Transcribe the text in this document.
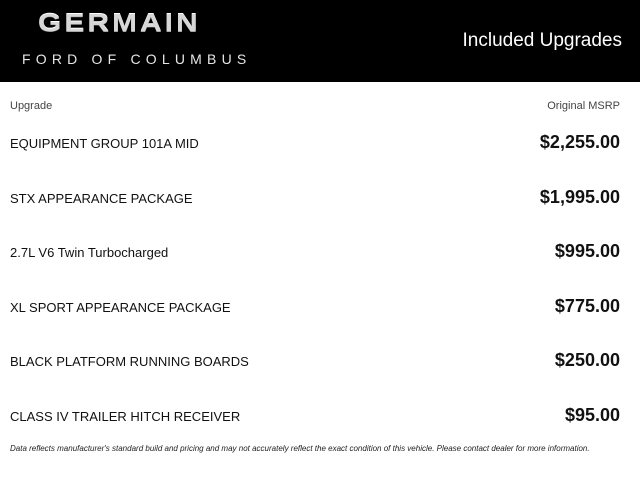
GERMAIN
FORD OF COLUMBUS
Included Upgrades
Upgrade	Original MSRP
EQUIPMENT GROUP 101A MID	$2,255.00
STX APPEARANCE PACKAGE	$1,995.00
2.7L V6 Twin Turbocharged	$995.00
XL SPORT APPEARANCE PACKAGE	$775.00
BLACK PLATFORM RUNNING BOARDS	$250.00
CLASS IV TRAILER HITCH RECEIVER	$95.00
Data reflects manufacturer's standard build and pricing and may not accurately reflect the exact condition of this vehicle. Please contact dealer for more information.
